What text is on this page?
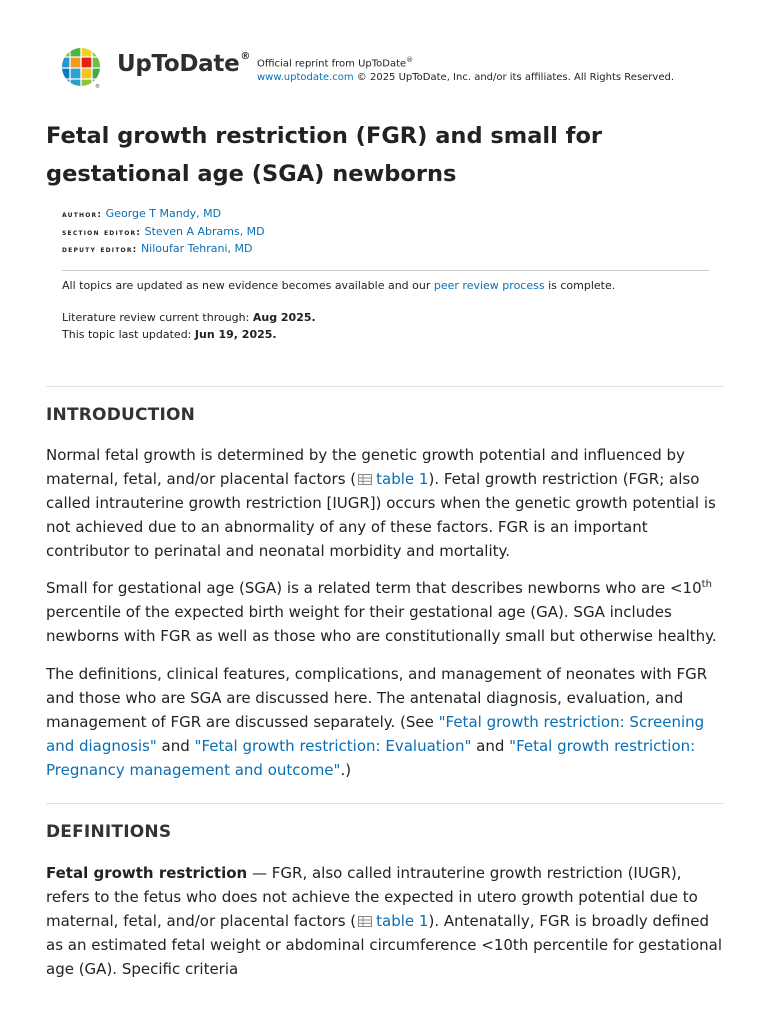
®
UpToDate®
Official reprint from UpToDate®
www.uptodate.com © 2025 UpToDate, Inc. and/or its affiliates. All Rights Reserved.
Fetal growth restriction (FGR) and small for gestational age (SGA) newborns
author: George T Mandy, MD
section editor: Steven A Abrams, MD
deputy editor: Niloufar Tehrani, MD
All topics are updated as new evidence becomes available and our peer review process is complete.
Literature review current through: Aug 2025.
This topic last updated: Jun 19, 2025.
INTRODUCTION

Normal fetal growth is determined by the genetic growth potential and influenced by maternal, fetal, and/or placental factors ( table 1). Fetal growth restriction (FGR; also called intrauterine growth restriction [IUGR]) occurs when the genetic growth potential is not achieved due to an abnormality of any of these factors. FGR is an important contributor to perinatal and neonatal morbidity and mortality.

Small for gestational age (SGA) is a related term that describes newborns who are <10th percentile of the expected birth weight for their gestational age (GA). SGA includes newborns with FGR as well as those who are constitutionally small but otherwise healthy.

The definitions, clinical features, complications, and management of neonates with FGR and those who are SGA are discussed here. The antenatal diagnosis, evaluation, and management of FGR are discussed separately. (See "Fetal growth restriction: Screening and diagnosis" and "Fetal growth restriction: Evaluation" and "Fetal growth restriction: Pregnancy management and outcome".)

DEFINITIONS

Fetal growth restriction — FGR, also called intrauterine growth restriction (IUGR), refers to the fetus who does not achieve the expected in utero growth potential due to maternal, fetal, and/or placental factors ( table 1). Antenatally, FGR is broadly defined as an estimated fetal weight or abdominal circumference <10th percentile for gestational age (GA). Specific criteria
